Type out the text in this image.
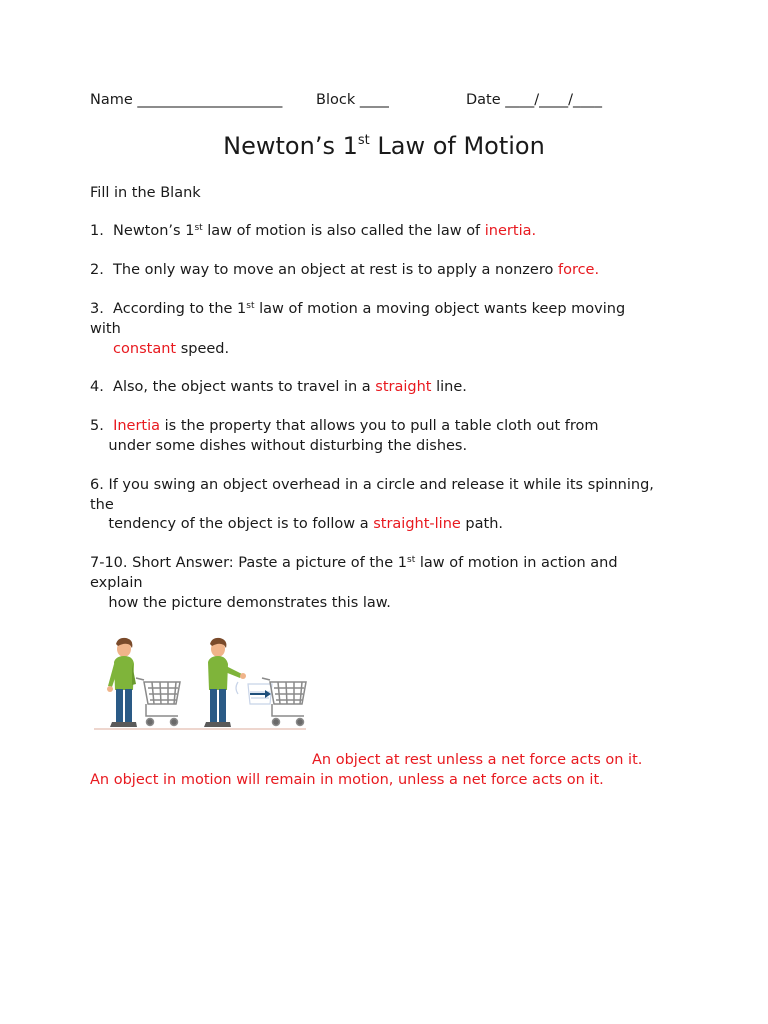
Name ____________________ Block ____	Date ____/____/____
Newton’s 1st Law of Motion
Fill in the Blank
1.  Newton’s 1st law of motion is also called the law of inertia.
2.  The only way to move an object at rest is to apply a nonzero force.
3.  According to the 1st law of motion a moving object wants keep moving
with
constant speed.
4.  Also, the object wants to travel in a straight line.
5.  Inertia is the property that allows you to pull a table cloth out from
under some dishes without disturbing the dishes.
6. If you swing an object overhead in a circle and release it while its spinning,
the
tendency of the object is to follow a straight-line path.
7-10. Short Answer: Paste a picture of the 1st law of motion in action and
explain
how the picture demonstrates this law.
An object at rest unless a net force acts on it.
An object in motion will remain in motion, unless a net force acts on it.
